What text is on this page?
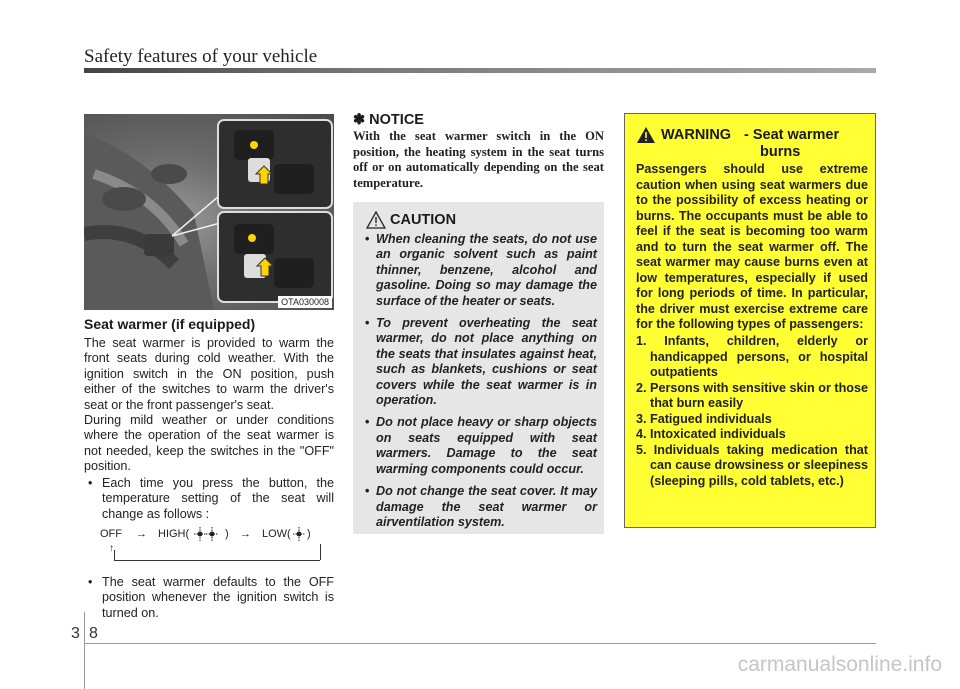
Safety features of your vehicle
OTA030008
Seat warmer (if equipped)
The seat warmer is provided to warm the front seats during cold weather. With the ignition switch in the ON position, push either of the switches to warm the driver's seat or the front passenger's seat.
During mild weather or under conditions where the operation of the seat warmer is not needed, keep the switches in the "OFF" position.
• Each time you press the button, the temperature setting of the seat will change as follows :
OFF → HIGH(	) → LOW( )
↑
• The seat warmer defaults to the OFF position whenever the ignition switch is turned on.
✽ NOTICE
With the seat warmer switch in the ON position, the heating system in the seat turns off or on automatically depending on the seat temperature.
CAUTION
• When cleaning the seats, do not use an organic solvent such as paint thinner, benzene, alcohol and gasoline. Doing so may damage the surface of the heater or seats.
• To prevent overheating the seat warmer, do not place anything on the seats that insulates against heat, such as blankets, cushions or seat covers while the seat warmer is in operation.
• Do not place heavy or sharp objects on seats equipped with seat warmers. Damage to the seat warming components could occur.
• Do not change the seat cover. It may damage the seat warmer or airventilation system.
WARNING - Seat warmer
burns
Passengers should use extreme caution when using seat warmers due to the possibility of excess heating or burns. The occupants must be able to feel if the seat is becoming too warm and to turn the seat warmer off. The seat warmer may cause burns even at low temperatures, especially if used for long periods of time. In particular, the driver must exercise extreme care for the following types of passengers:
1. Infants, children, elderly or handicapped persons, or hospital outpatients
2. Persons with sensitive skin or those that burn easily
3. Fatigued individuals
4. Intoxicated individuals
5. Individuals taking medication that can cause drowsiness or sleepiness (sleeping pills, cold tablets, etc.)
3 8
carmanualsonline.info
